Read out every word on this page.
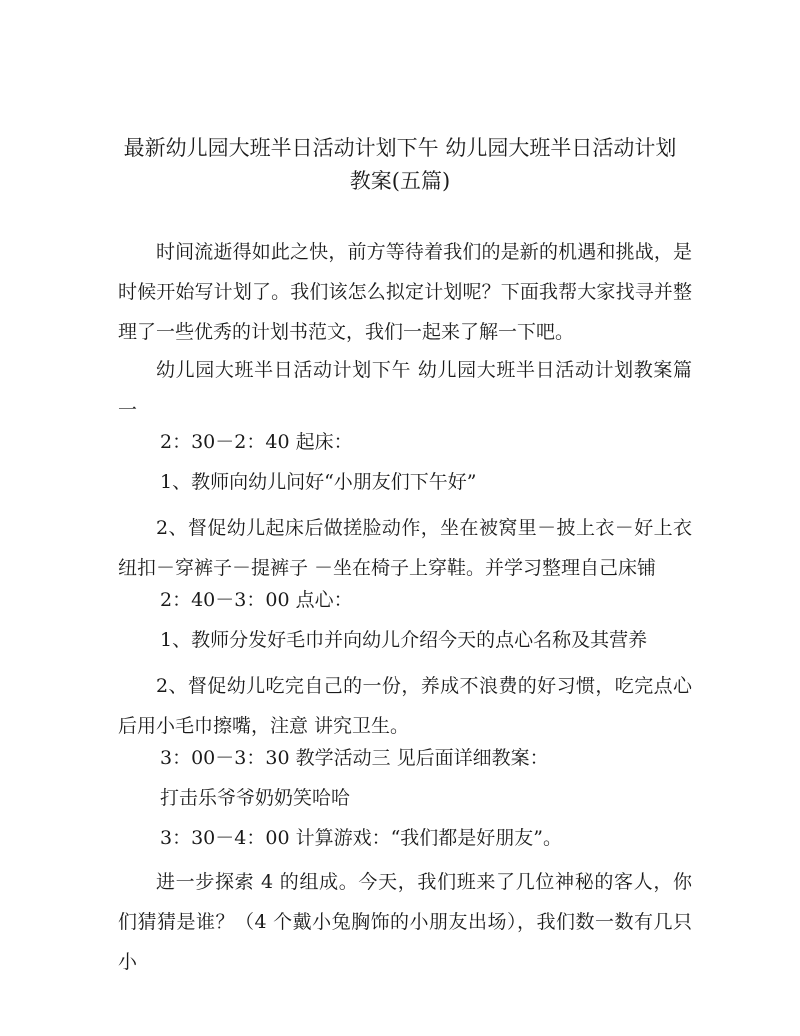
最新幼儿园大班半日活动计划下午 幼儿园大班半日活动计划
教案(五篇)

时间流逝得如此之快，前方等待着我们的是新的机遇和挑战，是时候开始写计划了。我们该怎么拟定计划呢？下面我帮大家找寻并整理了一些优秀的计划书范文，我们一起来了解一下吧。

幼儿园大班半日活动计划下午 幼儿园大班半日活动计划教案篇一

2：30－2：40 起床：
1、教师向幼儿问好“小朋友们下午好”

2、督促幼儿起床后做搓脸动作，坐在被窝里－披上衣－好上衣纽扣－穿裤子－提裤子 －坐在椅子上穿鞋。并学习整理自己床铺

2：40－3：00 点心：
1、教师分发好毛巾并向幼儿介绍今天的点心名称及其营养

2、督促幼儿吃完自己的一份，养成不浪费的好习惯，吃完点心后用小毛巾擦嘴，注意 讲究卫生。

3：00－3：30 教学活动三 见后面详细教案：
打击乐爷爷奶奶笑哈哈
3：30－4：00 计算游戏：“我们都是好朋友”。

进一步探索 4 的组成。今天，我们班来了几位神秘的客人，你们猜猜是谁？（4 个戴小兔胸饰的小朋友出场），我们数一数有几只小
